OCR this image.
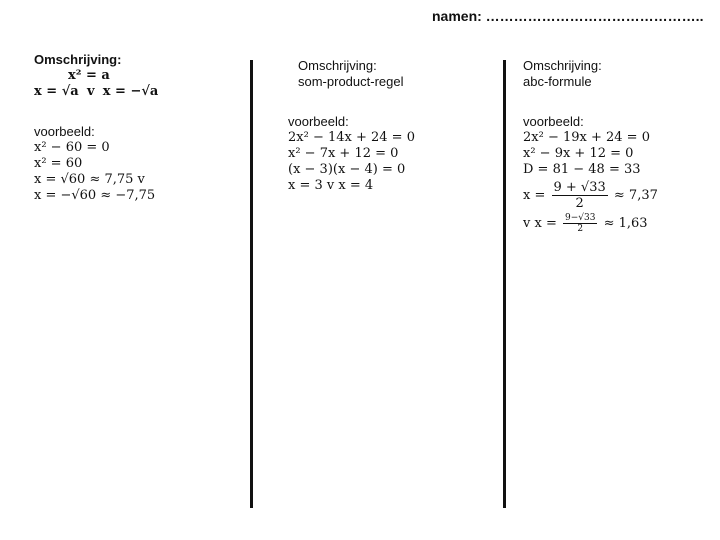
namen: ………………………………………..
Omschrijving:
x² = a
x = √a v x = −√a
voorbeeld:
x² − 60 = 0
x² = 60
x = √60 ≈ 7,75 v
x = −√60 ≈ −7,75
Omschrijving:
som-product-regel
voorbeeld:
2x² − 14x + 24 = 0
x² − 7x + 12 = 0
(x − 3)(x − 4) = 0
x = 3 v x = 4
Omschrijving:
abc-formule
voorbeeld:
2x² − 19x + 24 = 0
x² − 9x + 12 = 0
D = 81 − 48 = 33
$x = \frac{9 + √33}{2} \approx 7,37$
v $x = \frac{9-√33}{2} \approx 1,63$
